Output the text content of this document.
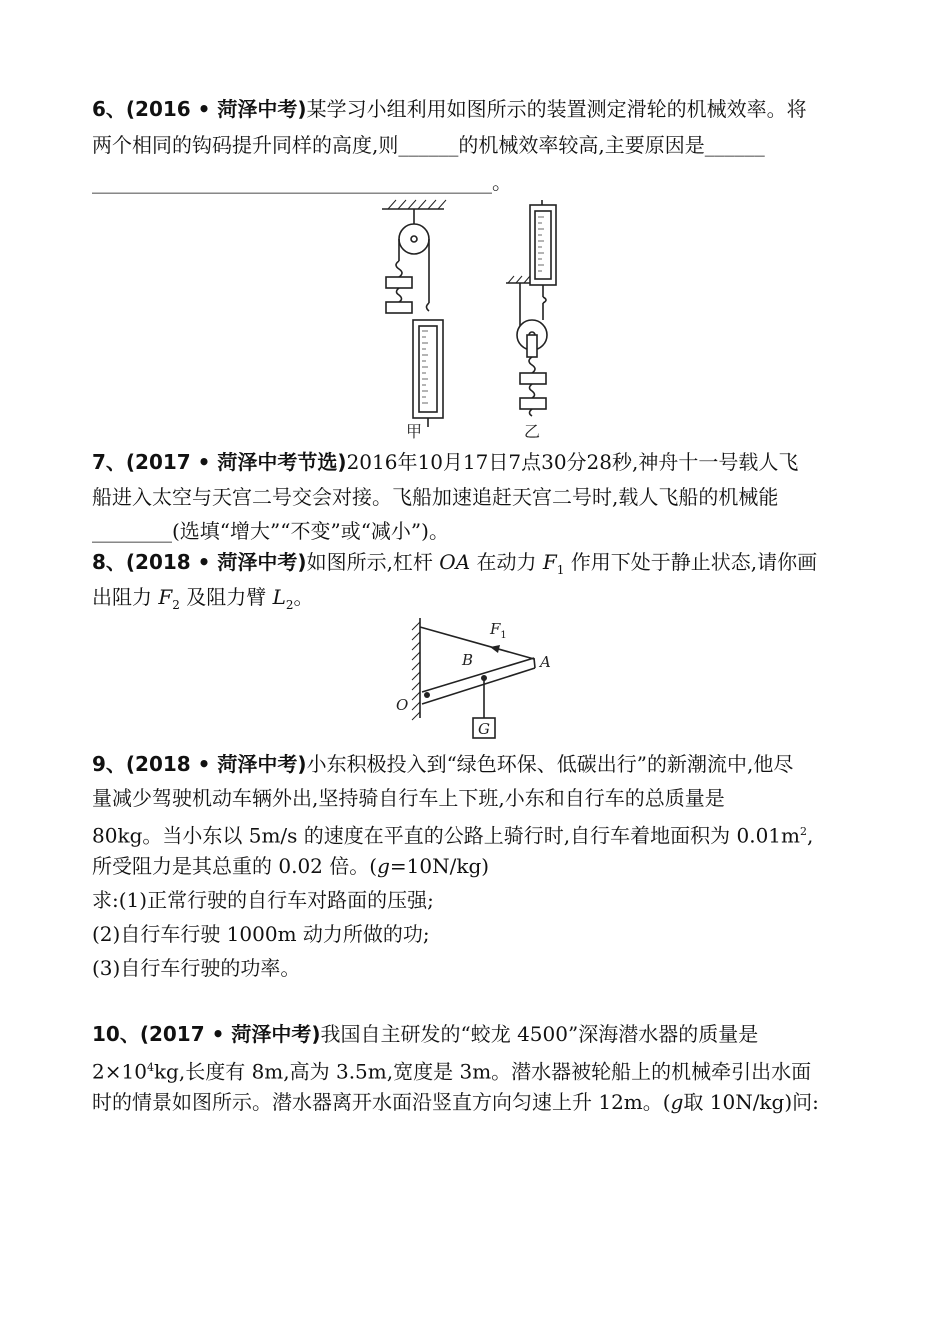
6、(2016 • 菏泽中考)某学习小组利用如图所示的装置测定滑轮的机械效率。将
两个相同的钩码提升同样的高度,则______的机械效率较高,主要原因是______
________________________________________。
甲	乙
7、(2017 • 菏泽中考节选)2016年10月17日7点30分28秒,神舟十一号载人飞
船进入太空与天宫二号交会对接。飞船加速追赶天宫二号时,载人飞船的机械能
________(选填“增大”“不变”或“减小”)。
8、(2018 • 菏泽中考)如图所示,杠杆 OA 在动力 $F_1$ 作用下处于静止状态,请你画
出阻力 $F_2$ 及阻力臂 $L_2$。
$F_1$
B	A
O
G
9、(2018 • 菏泽中考)小东积极投入到“绿色环保、低碳出行”的新潮流中,他尽
量减少驾驶机动车辆外出,坚持骑自行车上下班,小东和自行车的总质量是
80kg。当小东以 5m/s 的速度在平直的公路上骑行时,自行车着地面积为 $0.01m^2$,
所受阻力是其总重的 0.02 倍。(g=10N/kg)
求:(1)正常行驶的自行车对路面的压强;
(2)自行车行驶 1000m 动力所做的功;
(3)自行车行驶的功率。
10、(2017 • 菏泽中考)我国自主研发的“蛟龙 4500”深海潜水器的质量是
$2\times 10^4kg$,长度有 8m,高为 3.5m,宽度是 3m。潜水器被轮船上的机械牵引出水面
时的情景如图所示。潜水器离开水面沿竖直方向匀速上升 12m。(g取 10N/kg)问:
